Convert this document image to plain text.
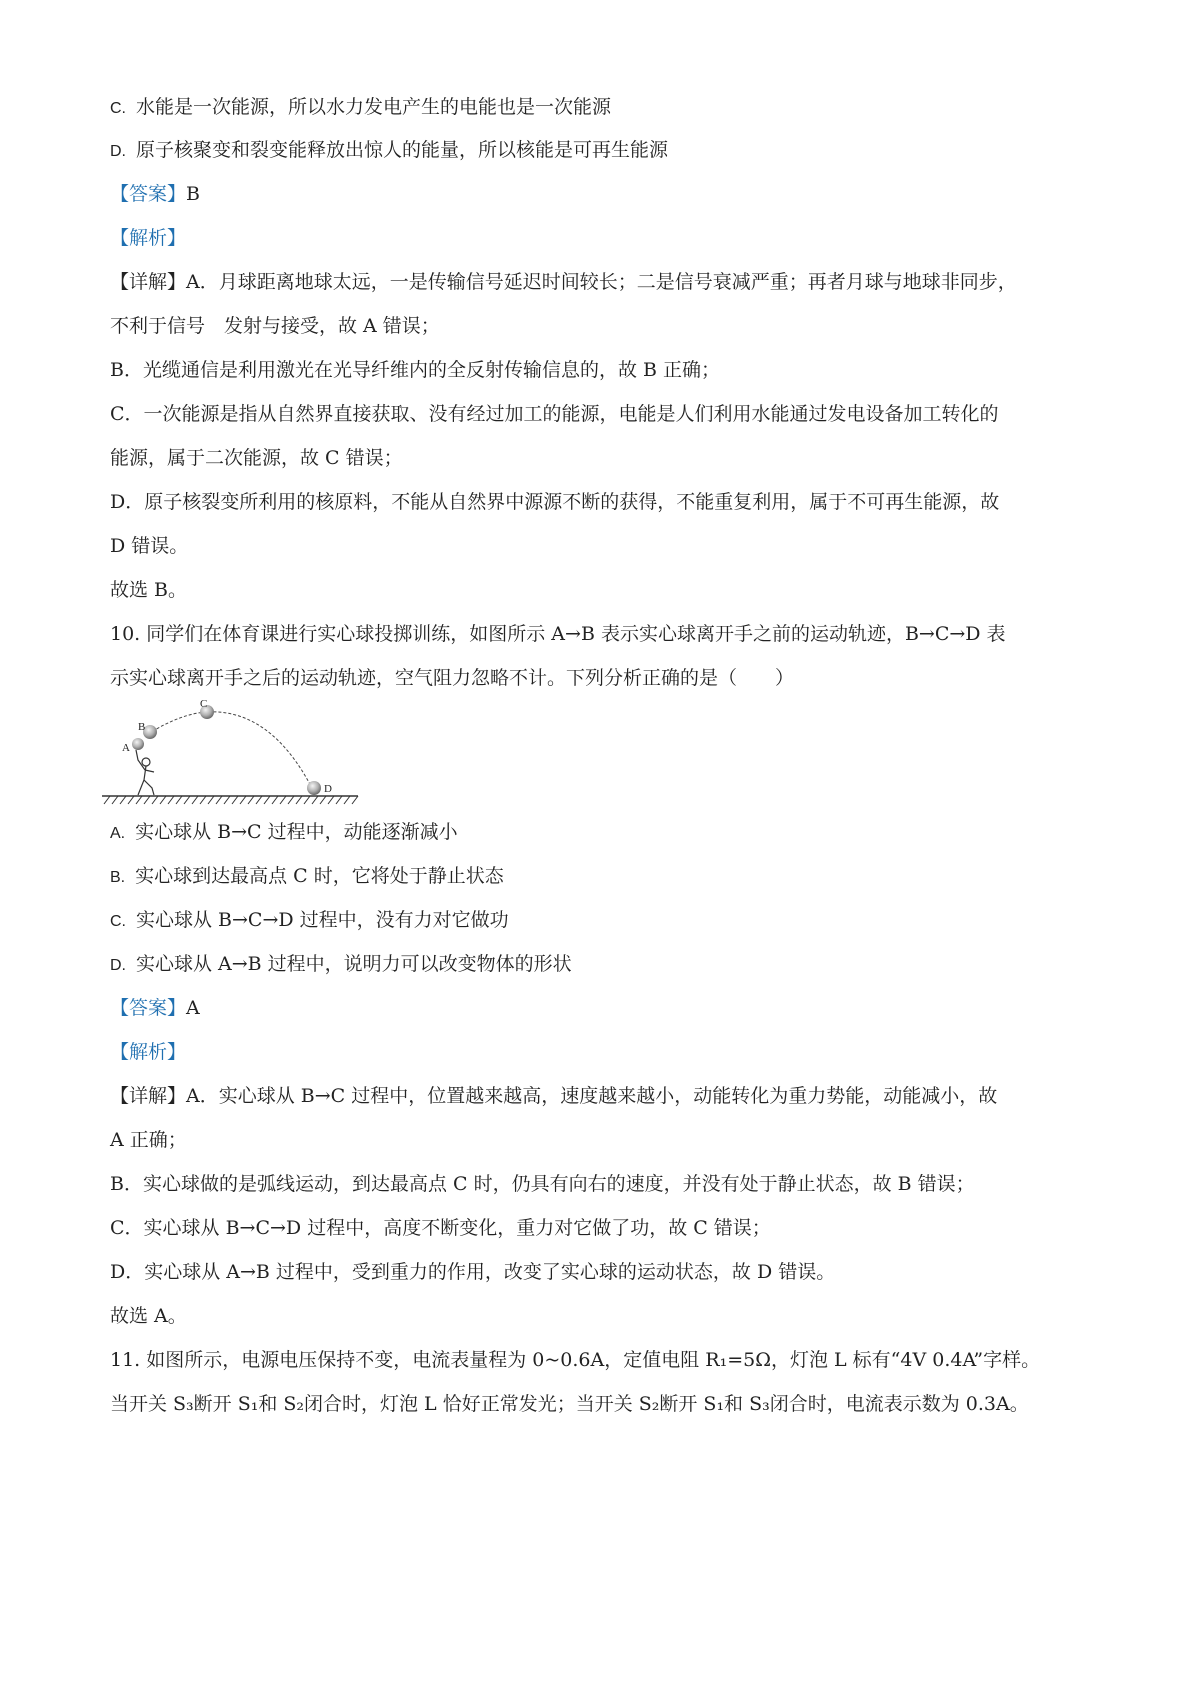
C. 水能是一次能源，所以水力发电产生的电能也是一次能源
D. 原子核聚变和裂变能释放出惊人的能量，所以核能是可再生能源
【答案】B
【解析】
【详解】A．月球距离地球太远，一是传输信号延迟时间较长；二是信号衰减严重；再者月球与地球非同步，
不利于信号　发射与接受，故 A 错误；
B．光缆通信是利用激光在光导纤维内的全反射传输信息的，故 B 正确；
C．一次能源是指从自然界直接获取、没有经过加工的能源，电能是人们利用水能通过发电设备加工转化的
能源，属于二次能源，故 C 错误；
D．原子核裂变所利用的核原料，不能从自然界中源源不断的获得，不能重复利用，属于不可再生能源，故
D 错误。
故选 B。
10. 同学们在体育课进行实心球投掷训练，如图所示 A→B 表示实心球离开手之前的运动轨迹，B→C→D 表
示实心球离开手之后的运动轨迹，空气阻力忽略不计。下列分析正确的是（　　）
A
B
C
D
A. 实心球从 B→C 过程中，动能逐渐减小
B. 实心球到达最高点 C 时，它将处于静止状态
C. 实心球从 B→C→D 过程中，没有力对它做功
D. 实心球从 A→B 过程中，说明力可以改变物体的形状
【答案】A
【解析】
【详解】A．实心球从 B→C 过程中，位置越来越高，速度越来越小，动能转化为重力势能，动能减小，故
A 正确；
B．实心球做的是弧线运动，到达最高点 C 时，仍具有向右的速度，并没有处于静止状态，故 B 错误；
C．实心球从 B→C→D 过程中，高度不断变化，重力对它做了功，故 C 错误；
D．实心球从 A→B 过程中，受到重力的作用，改变了实心球的运动状态，故 D 错误。
故选 A。
11. 如图所示，电源电压保持不变，电流表量程为 0~0.6A，定值电阻 R₁=5Ω，灯泡 L 标有“4V 0.4A”字样。
当开关 S₃断开 S₁和 S₂闭合时，灯泡 L 恰好正常发光；当开关 S₂断开 S₁和 S₃闭合时，电流表示数为 0.3A。
